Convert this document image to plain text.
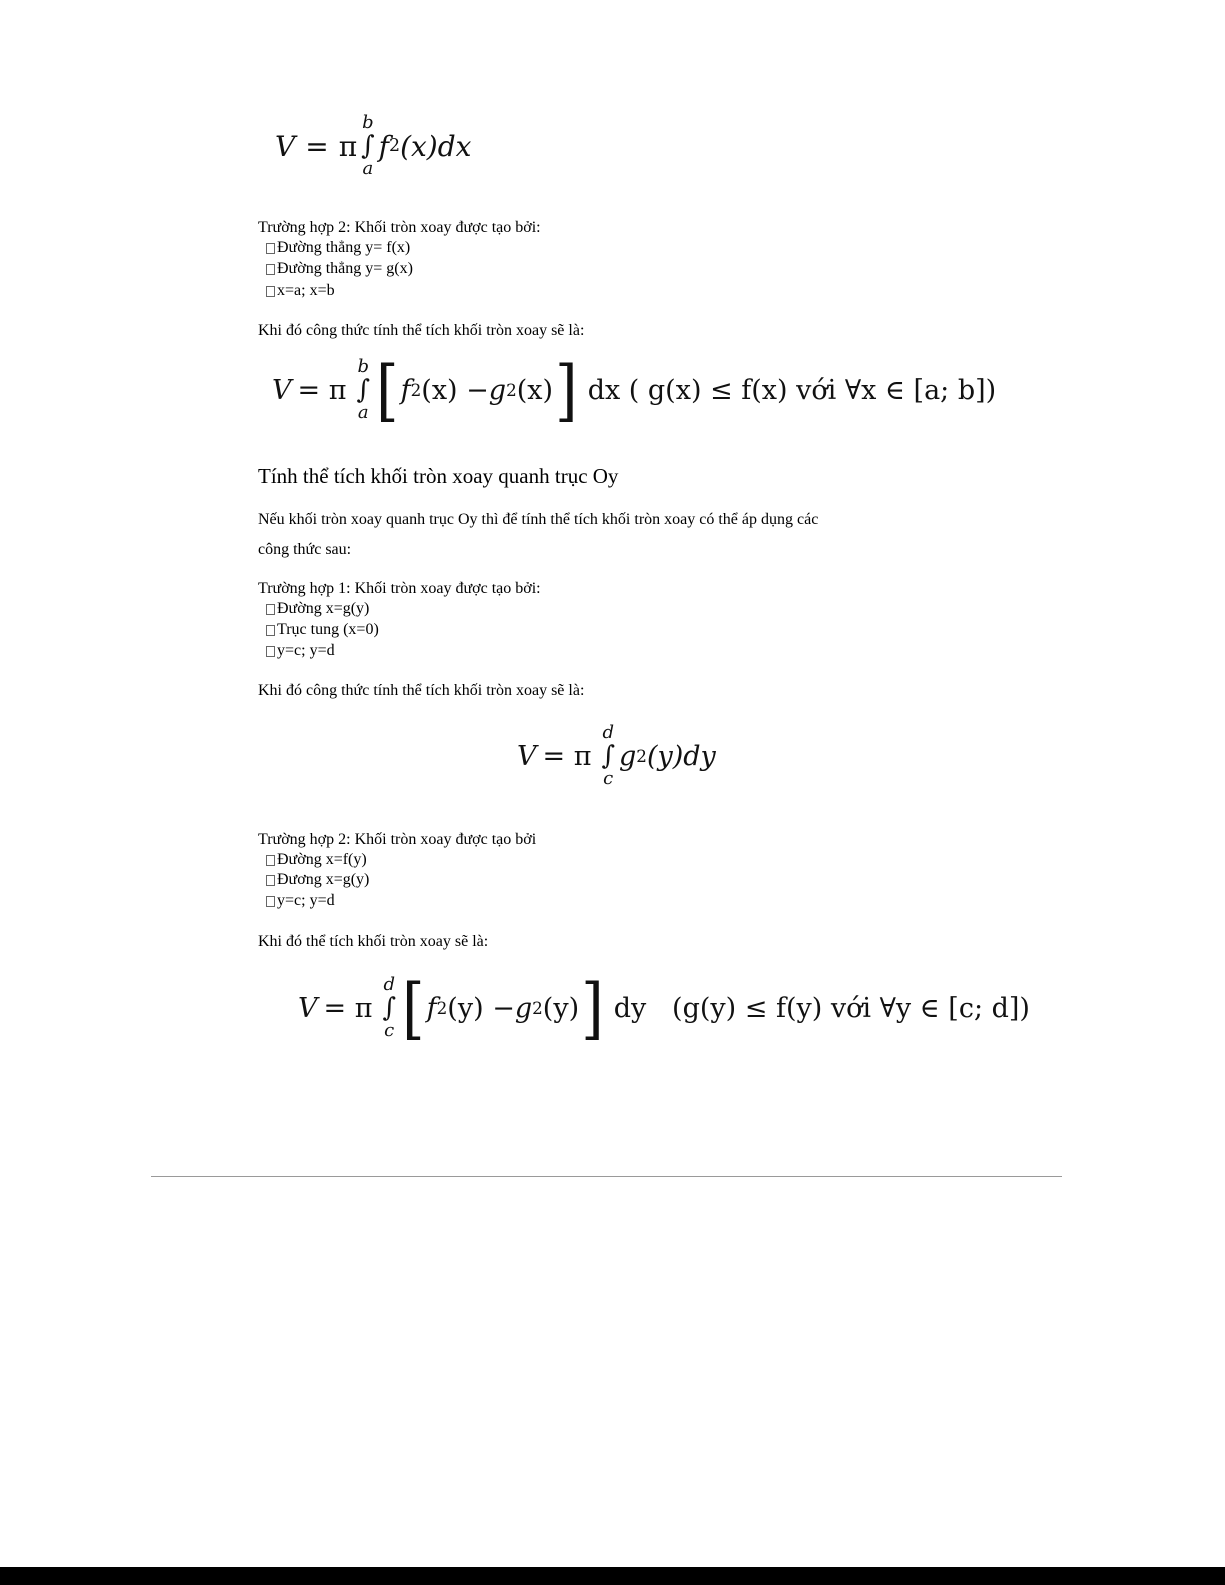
V = π
b
∫
a
f 2 (x)dx
Trường hợp 2: Khối tròn xoay được tạo bởi:
Đường thẳng y= f(x)
Đường thẳng y= g(x)
x=a; x=b
Khi đó công thức tính thể tích khối tròn xoay sẽ là:
V = π
b
∫
a [ f 2 (x) − g 2 (x) ] dx ( g(x) ≤ f(x) với ∀x ∈ [a; b])
Tính thể tích khối tròn xoay quanh trục Oy
Nếu khối tròn xoay quanh trục Oy thì để tính thể tích khối tròn xoay có thể áp dụng các
công thức sau:
Trường hợp 1: Khối tròn xoay được tạo bởi:
Đường x=g(y)
Trục tung (x=0)
y=c; y=d
Khi đó công thức tính thể tích khối tròn xoay sẽ là:
V = π
d
∫
c
g 2 (y)dy
Trường hợp 2: Khối tròn xoay được tạo bởi
Đường x=f(y)
Đương x=g(y)
y=c; y=d
Khi đó thể tích khối tròn xoay sẽ là:
V = π
d
∫
c [ f 2 (y) − g 2 (y) ] dy   (g(y) ≤ f(y) với ∀y ∈ [c; d])
